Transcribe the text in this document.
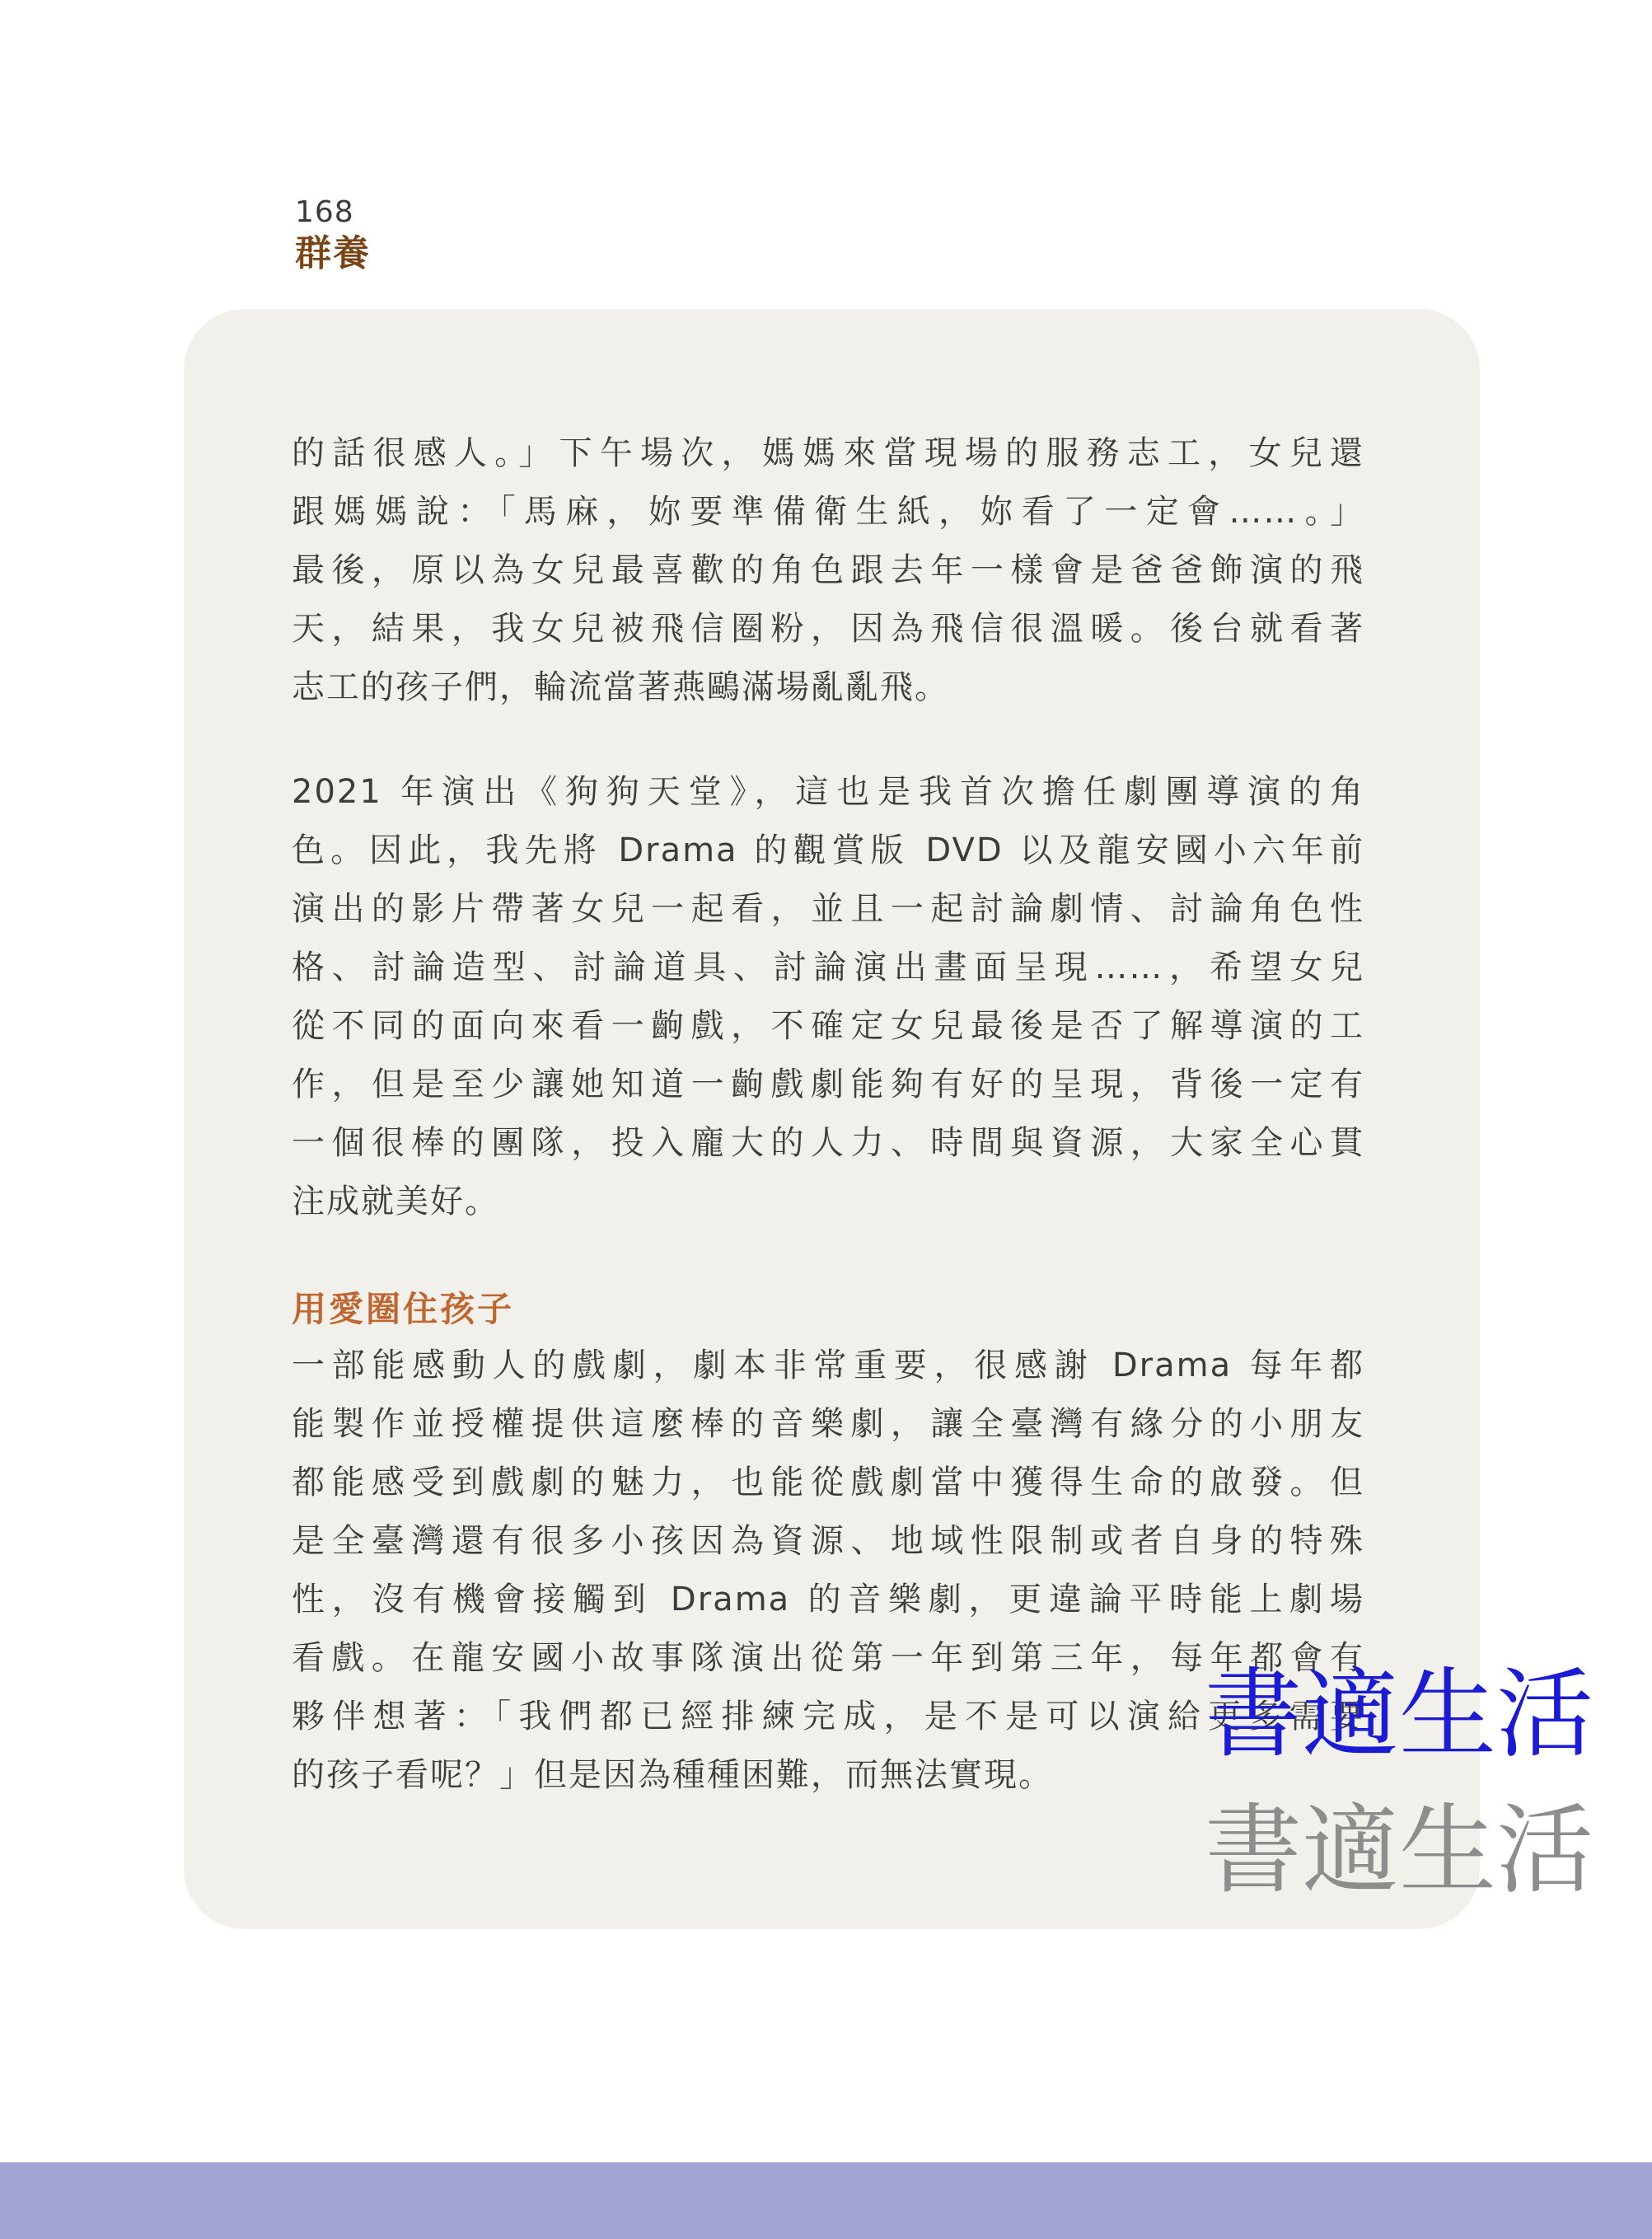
168
群養

的話很感人。」下午場次，媽媽來當現場的服務志工，女兒還
跟媽媽說：「馬麻，妳要準備衛生紙，妳看了一定會……。」
最後，原以為女兒最喜歡的角色跟去年一樣會是爸爸飾演的飛
天，結果，我女兒被飛信圈粉，因為飛信很溫暖。後台就看著
志工的孩子們，輪流當著燕鷗滿場亂亂飛。

2021 年演出《狗狗天堂》，這也是我首次擔任劇團導演的角
色。因此，我先將 Drama 的觀賞版 DVD 以及龍安國小六年前
演出的影片帶著女兒一起看，並且一起討論劇情、討論角色性
格、討論造型、討論道具、討論演出畫面呈現……，希望女兒
從不同的面向來看一齣戲，不確定女兒最後是否了解導演的工
作，但是至少讓她知道一齣戲劇能夠有好的呈現，背後一定有
一個很棒的團隊，投入龐大的人力、時間與資源，大家全心貫
注成就美好。

用愛圈住孩子

一部能感動人的戲劇，劇本非常重要，很感謝 Drama 每年都
能製作並授權提供這麼棒的音樂劇，讓全臺灣有緣分的小朋友
都能感受到戲劇的魅力，也能從戲劇當中獲得生命的啟發。但
是全臺灣還有很多小孩因為資源、地域性限制或者自身的特殊
性，沒有機會接觸到 Drama 的音樂劇，更違論平時能上劇場
看戲。在龍安國小故事隊演出從第一年到第三年，每年都會有
夥伴想著：「我們都已經排練完成，是不是可以演給更多需要
的孩子看呢？」但是因為種種困難，而無法實現。

書適生活
書適生活
